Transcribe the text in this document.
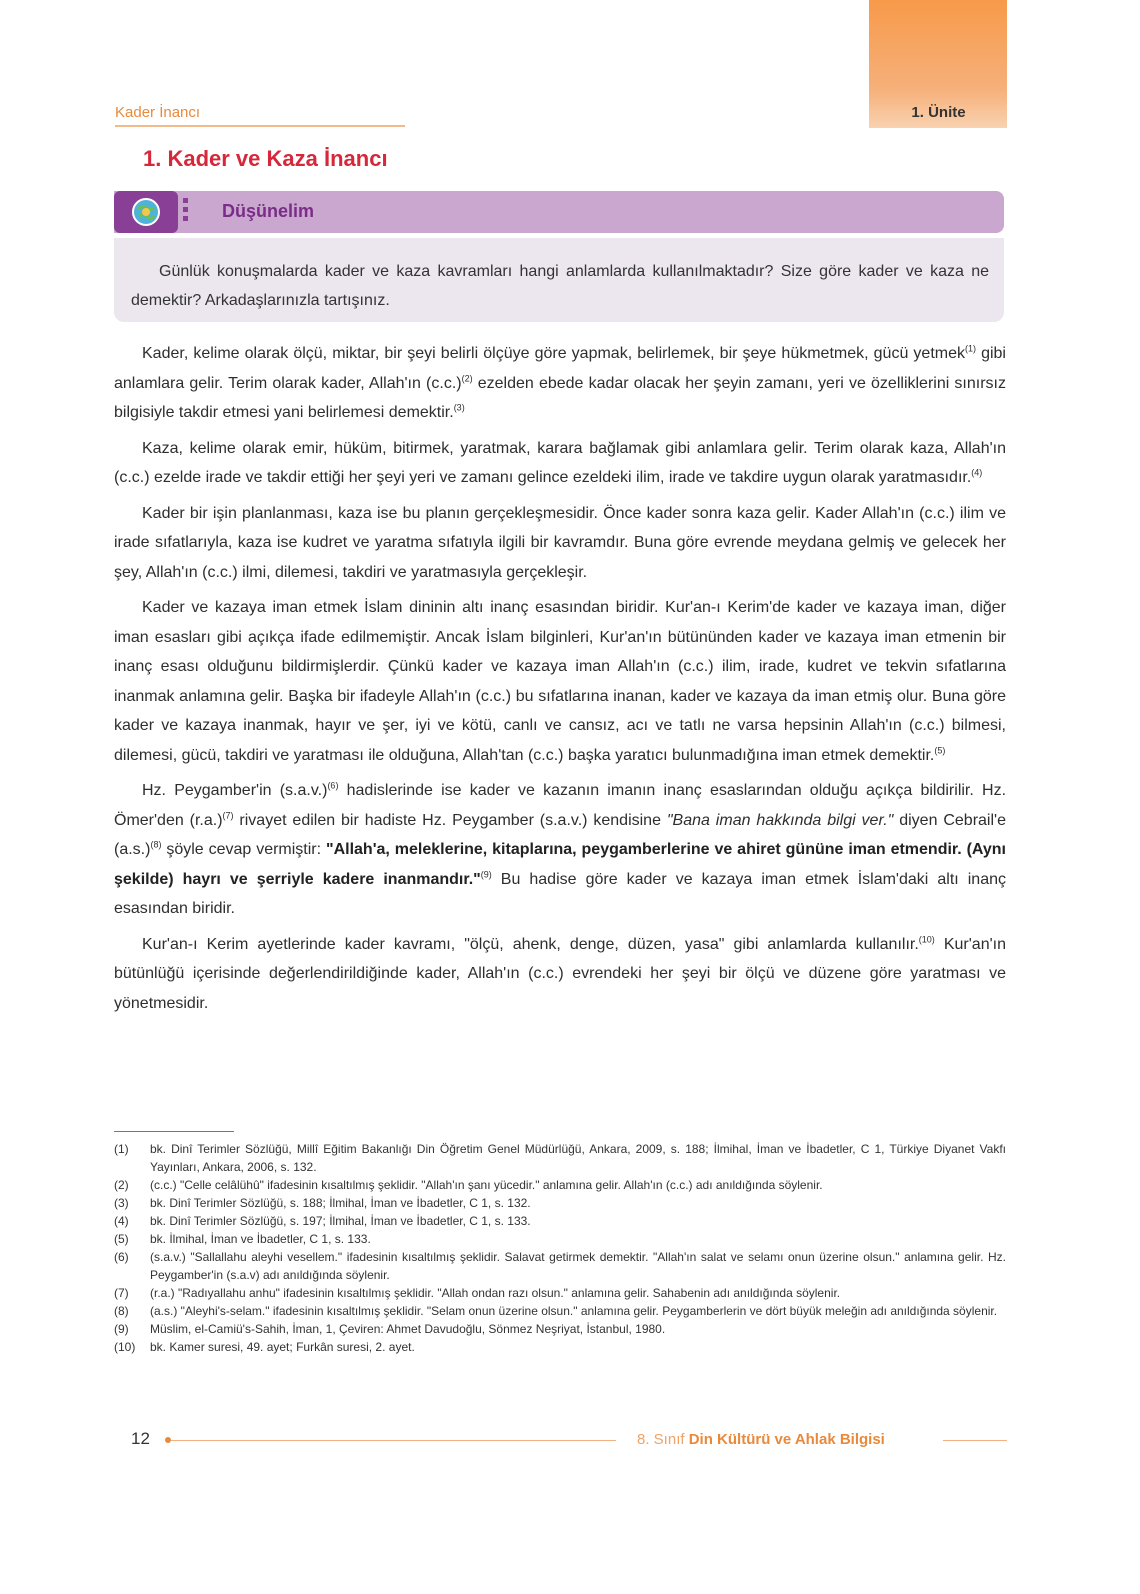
1. Ünite
Kader İnancı
1. Kader ve Kaza İnancı
Düşünelim

Günlük konuşmalarda kader ve kaza kavramları hangi anlamlarda kullanılmaktadır? Size göre kader ve kaza ne demektir? Arkadaşlarınızla tartışınız.

Kader, kelime olarak ölçü, miktar, bir şeyi belirli ölçüye göre yapmak, belirlemek, bir şeye hükmetmek, gücü yetmek$^{(1)}$ gibi anlamlara gelir. Terim olarak kader, Allah'ın $(c.c.)^{(2)}$ ezelden ebede kadar olacak her şeyin zamanı, yeri ve özelliklerini sınırsız bilgisiyle takdir etmesi yani belirlemesi demektir.$^{(3)}$

Kaza, kelime olarak emir, hüküm, bitirmek, yaratmak, karara bağlamak gibi anlamlara gelir. Terim olarak kaza, Allah'ın (c.c.) ezelde irade ve takdir ettiği her şeyi yeri ve zamanı gelince ezeldeki ilim, irade ve takdire uygun olarak yaratmasıdır.$^{(4)}$

Kader bir işin planlanması, kaza ise bu planın gerçekleşmesidir. Önce kader sonra kaza gelir. Kader Allah'ın (c.c.) ilim ve irade sıfatlarıyla, kaza ise kudret ve yaratma sıfatıyla ilgili bir kavramdır. Buna göre evrende meydana gelmiş ve gelecek her şey, Allah'ın (c.c.) ilmi, dilemesi, takdiri ve yaratmasıyla gerçekleşir.

Kader ve kazaya iman etmek İslam dininin altı inanç esasından biridir. Kur'an-ı Kerim'de kader ve kazaya iman, diğer iman esasları gibi açıkça ifade edilmemiştir. Ancak İslam bilginleri, Kur'an'ın bütününden kader ve kazaya iman etmenin bir inanç esası olduğunu bildirmişlerdir. Çünkü kader ve kazaya iman Allah'ın (c.c.) ilim, irade, kudret ve tekvin sıfatlarına inanmak anlamına gelir. Başka bir ifadeyle Allah'ın (c.c.) bu sıfatlarına inanan, kader ve kazaya da iman etmiş olur. Buna göre kader ve kazaya inanmak, hayır ve şer, iyi ve kötü, canlı ve cansız, acı ve tatlı ne varsa hepsinin Allah'ın (c.c.) bilmesi, dilemesi, gücü, takdiri ve yaratması ile olduğuna, Allah'tan (c.c.) başka yaratıcı bulunmadığına iman etmek demektir.$^{(5)}$

Hz. Peygamber'in $(s.a.v.)^{(6)}$ hadislerinde ise kader ve kazanın imanın inanç esaslarından olduğu açıkça bildirilir. Hz. Ömer'den $(r.a.)^{(7)}$ rivayet edilen bir hadiste Hz. Peygamber (s.a.v.) kendisine "Bana iman hakkında bilgi ver." diyen Cebrail'e $(a.s.)^{(8)}$ şöyle cevap vermiştir: "Allah'a, meleklerine, kitaplarına, peygamberlerine ve ahiret gününe iman etmendir. (Aynı şekilde) hayrı ve şerriyle kadere inanmandır."$^{(9)}$ Bu hadise göre kader ve kazaya iman etmek İslam'daki altı inanç esasından biridir.

Kur'an-ı Kerim ayetlerinde kader kavramı, "ölçü, ahenk, denge, düzen, yasa" gibi anlamlarda kullanılır.$^{(10)}$ Kur'an'ın bütünlüğü içerisinde değerlendirildiğinde kader, Allah'ın (c.c.) evrendeki her şeyi bir ölçü ve düzene göre yaratması ve yönetmesidir.

(1)	bk. Dinî Terimler Sözlüğü, Millî Eğitim Bakanlığı Din Öğretim Genel Müdürlüğü, Ankara, 2009, s. 188; İlmihal, İman ve İbadetler, C 1, Türkiye Diyanet Vakfı Yayınları, Ankara, 2006, s. 132.
(2)	(c.c.) "Celle celâlühû" ifadesinin kısaltılmış şeklidir. "Allah'ın şanı yücedir." anlamına gelir. Allah'ın (c.c.) adı anıldığında söylenir.
(3)	bk. Dinî Terimler Sözlüğü, s. 188; İlmihal, İman ve İbadetler, C 1, s. 132.
(4)	bk. Dinî Terimler Sözlüğü, s. 197; İlmihal, İman ve İbadetler, C 1, s. 133.
(5)	bk. İlmihal, İman ve İbadetler, C 1, s. 133.
(6)	(s.a.v.) "Sallallahu aleyhi vesellem." ifadesinin kısaltılmış şeklidir. Salavat getirmek demektir. "Allah'ın salat ve selamı onun üzerine olsun." anlamına gelir. Hz. Peygamber'in (s.a.v) adı anıldığında söylenir.
(7)	(r.a.) "Radıyallahu anhu" ifadesinin kısaltılmış şeklidir. "Allah ondan razı olsun." anlamına gelir. Sahabenin adı anıldığında söylenir.
(8)	(a.s.) "Aleyhi's-selam." ifadesinin kısaltılmış şeklidir. "Selam onun üzerine olsun." anlamına gelir. Peygamberlerin ve dört büyük meleğin adı anıldığında söylenir.
(9)	Müslim, el-Camiü's-Sahih, İman, 1, Çeviren: Ahmet Davudoğlu, Sönmez Neşriyat, İstanbul, 1980.
(10)	bk. Kamer suresi, 49. ayet; Furkân suresi, 2. ayet.
12	8. Sınıf Din Kültürü ve Ahlak Bilgisi
